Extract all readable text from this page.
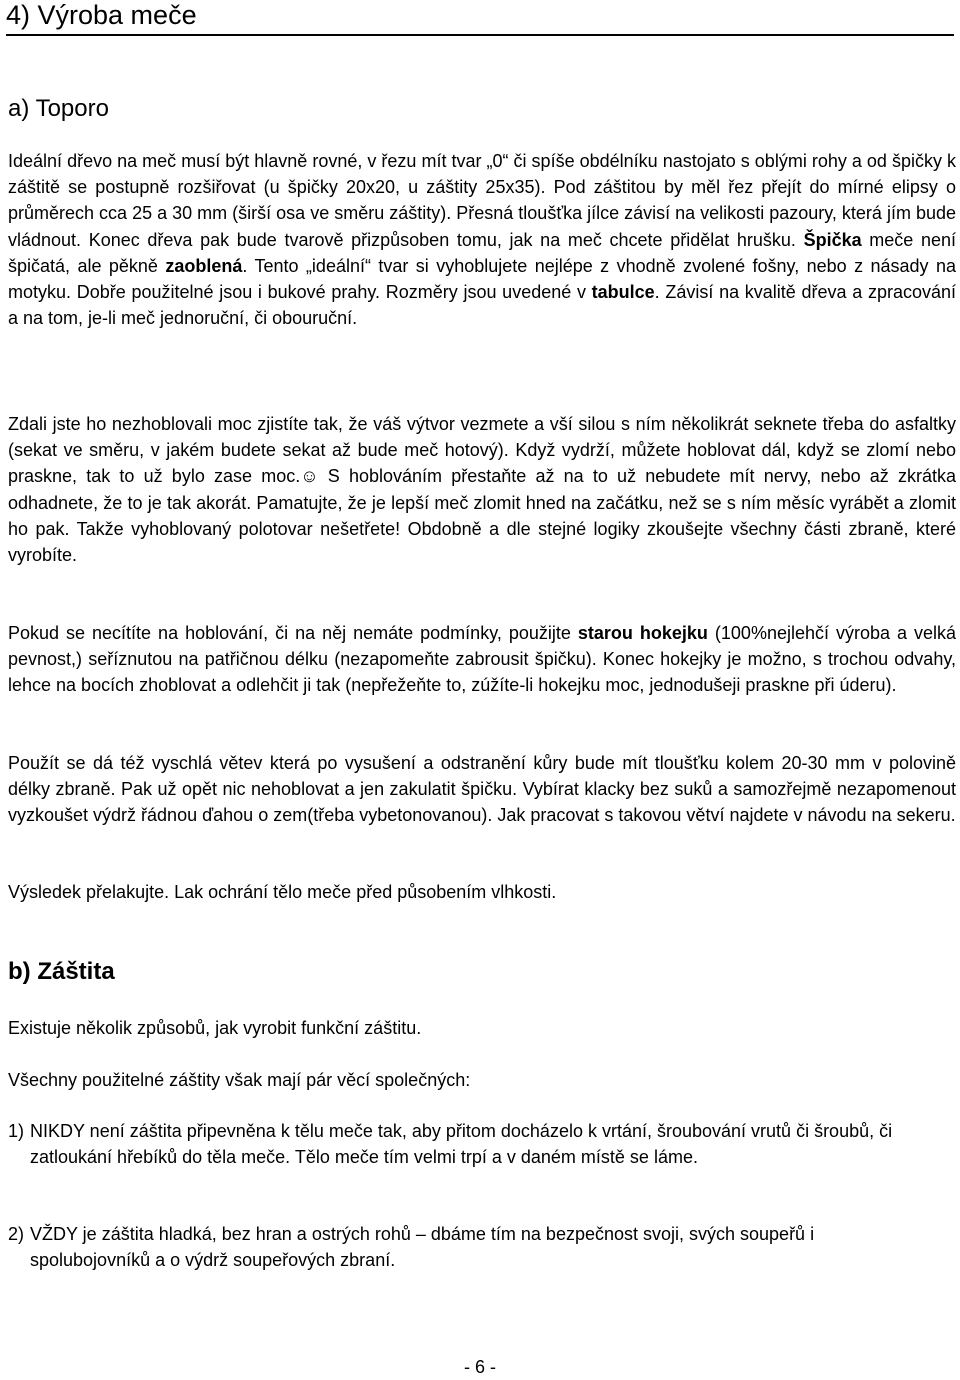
4) Výroba meče
a) Toporo

Ideální dřevo na meč musí být hlavně rovné, v řezu mít tvar „0“ či spíše obdélníku nastojato s oblými rohy a od špičky k záštitě se postupně rozšiřovat (u špičky 20x20, u záštity 25x35). Pod záštitou by měl řez přejít do mírné elipsy o průměrech cca 25 a 30 mm (širší osa ve směru záštity). Přesná tloušťka jílce závisí na velikosti pazoury, která jím bude vládnout. Konec dřeva pak bude tvarově přizpůsoben tomu, jak na meč chcete přidělat hrušku. Špička meče není špičatá, ale pěkně zaoblená. Tento „ideální“ tvar si vyhoblujete nejlépe z vhodně zvolené fošny, nebo z násady na motyku. Dobře použitelné jsou i bukové prahy. Rozměry jsou uvedené v tabulce. Závisí na kvalitě dřeva a zpracování a na tom, je-li meč jednoruční, či obouruční.

Zdali jste ho nezhoblovali moc zjistíte tak, že váš výtvor vezmete a vší silou s ním několikrát seknete třeba do asfaltky (sekat ve směru, v jakém budete sekat až bude meč hotový). Když vydrží, můžete hoblovat dál, když se zlomí nebo praskne, tak to už bylo zase moc.☺ S hoblováním přestaňte až na to už nebudete mít nervy, nebo až zkrátka odhadnete, že to je tak akorát. Pamatujte, že je lepší meč zlomit hned na začátku, než se s ním měsíc vyrábět a zlomit ho pak. Takže vyhoblovaný polotovar nešetřete! Obdobně a dle stejné logiky zkoušejte všechny části zbraně, které vyrobíte.

Pokud se necítíte na hoblování, či na něj nemáte podmínky, použijte starou hokejku (100%nejlehčí výroba a velká pevnost,) seříznutou na patřičnou délku (nezapomeňte zabrousit špičku). Konec hokejky je možno, s trochou odvahy, lehce na bocích zhoblovat a odlehčit ji tak (nepřežeňte to, zúžíte-li hokejku moc, jednodušeji praskne při úderu).

Použít se dá též vyschlá větev která po vysušení a odstranění kůry bude mít tloušťku kolem 20-30 mm v polovině délky zbraně. Pak už opět nic nehoblovat a jen zakulatit špičku. Vybírat klacky bez suků a samozřejmě nezapomenout vyzkoušet výdrž řádnou ďahou o zem(třeba vybetonovanou). Jak pracovat s takovou větví najdete v návodu na sekeru.

Výsledek přelakujte. Lak ochrání tělo meče před působením vlhkosti.

b) Záštita

Existuje několik způsobů, jak vyrobit funkční záštitu.

Všechny použitelné záštity však mají pár věcí společných:

1) NIKDY není záštita připevněna k tělu meče tak, aby přitom docházelo k vrtání, šroubování vrutů či šroubů, či zatloukání hřebíků do těla meče. Tělo meče tím velmi trpí a v daném místě se láme.
2) VŽDY je záštita hladká, bez hran a ostrých rohů – dbáme tím na bezpečnost svoji, svých soupeřů i spolubojovníků a o výdrž soupeřových zbraní.
- 6 -
